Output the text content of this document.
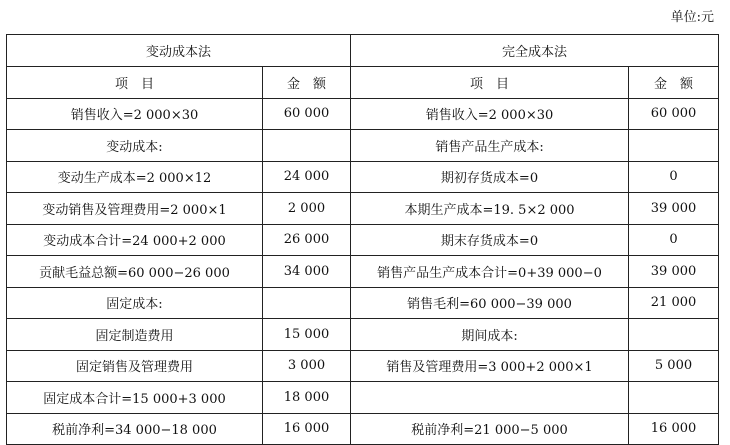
单位:元
变动成本法		完全成本法	
项　目	金　额	项　目	金　额
销售收入=2 000×30	60 000	销售收入=2 000×30	60 000
变动成本:		销售产品生产成本:	
变动生产成本=2 000×12	24 000	期初存货成本=0	0
变动销售及管理费用=2 000×1	2 000	本期生产成本=19. 5×2 000	39 000
变动成本合计=24 000+2 000	26 000	期末存货成本=0	0
贡献毛益总额=60 000−26 000	34 000	销售产品生产成本合计=0+39 000−0	39 000
固定成本:		销售毛利=60 000−39 000	21 000
固定制造费用	15 000	期间成本:	
固定销售及管理费用	3 000	销售及管理费用=3 000+2 000×1	5 000
固定成本合计=15 000+3 000	18 000		
税前净利=34 000−18 000	16 000	税前净利=21 000−5 000	16 000
